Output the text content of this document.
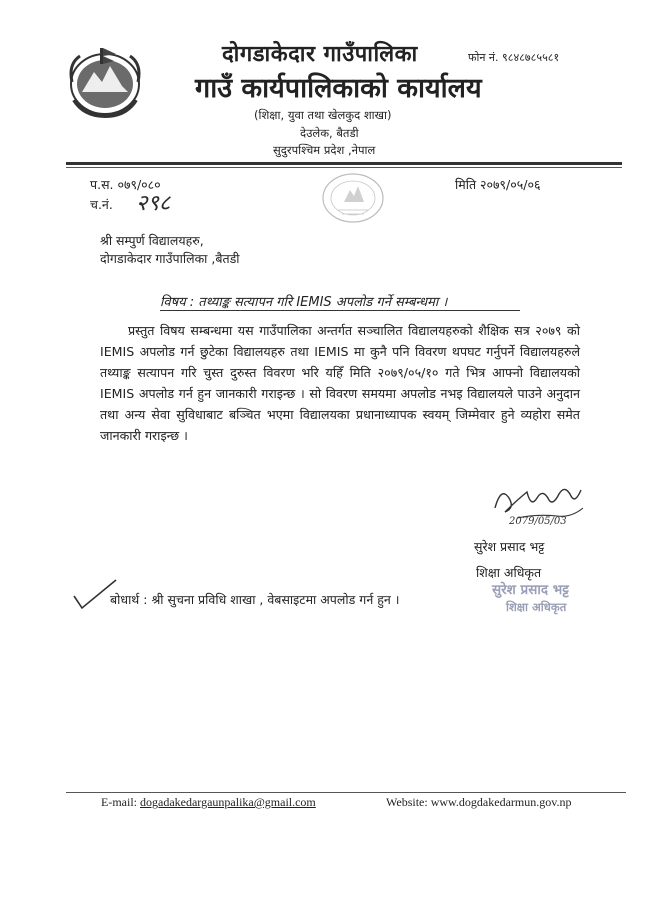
दोगडाकेदार गाउँपालिका
गाउँ कार्यपालिकाको कार्यालय
(शिक्षा, युवा तथा खेलकुद शाखा)
देउलेक, बैतडी
सुदुरपश्चिम प्रदेश ,नेपाल
फोन नं. ९८४८७८५५८१
प.स. ०७९/०८०
च.नं. २९८
मिति २०७९/०५/०६
श्री सम्पुर्ण विद्यालयहरु,
दोगडाकेदार गाउँपालिका ,बैतडी
विषय : तथ्याङ्क सत्यापन गरि IEMIS अपलोड गर्ने सम्बन्धमा ।
प्रस्तुत विषय सम्बन्धमा यस गाउँपालिका अन्तर्गत सञ्चालित विद्यालयहरुको शैक्षिक सत्र २०७९ को IEMIS अपलोड गर्न छुटेका विद्यालयहरु तथा IEMIS मा कुनै पनि विवरण थपघट गर्नुपर्ने विद्यालयहरुले तथ्याङ्क सत्यापन गरि चुस्त दुरुस्त विवरण भरि यहिँ मिति २०७९/०५/१० गते भित्र आफ्नो विद्यालयको IEMIS अपलोड गर्न हुन जानकारी गराइन्छ । सो विवरण समयमा अपलोड नभइ विद्यालयले पाउने अनुदान तथा अन्य सेवा सुविधाबाट बञ्चित भएमा विद्यालयका प्रधानाध्यापक स्वयम् जिम्मेवार हुने व्यहोरा समेत जानकारी गराइन्छ ।
2079/05/03
सुरेश प्रसाद भट्ट
शिक्षा अधिकृत
सुरेश प्रसाद भट्ट
शिक्षा अधिकृत
बोधार्थ : श्री सुचना प्रविधि शाखा , वेबसाइटमा अपलोड गर्न हुन ।
E-mail: dogadakedargaunpalika@gmail.com	Website: www.dogdakedarmun.gov.np
